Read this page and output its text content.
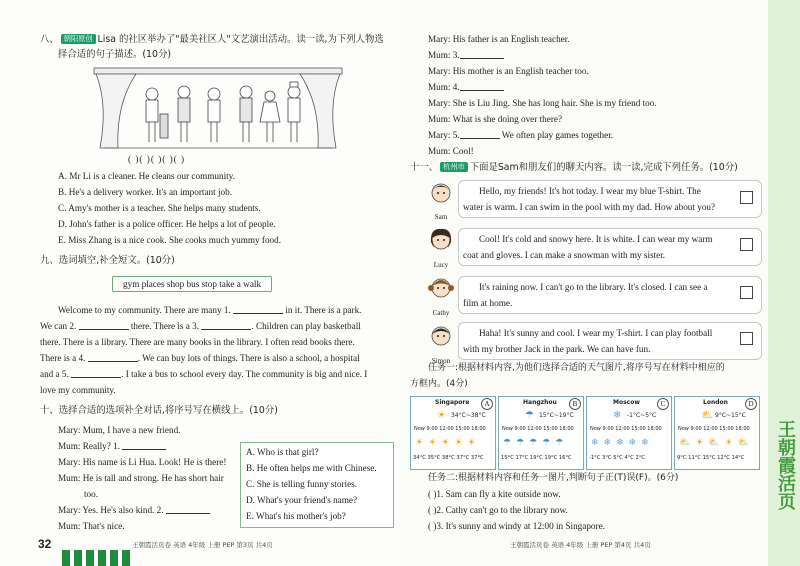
八、 朝阳原创 Lisa 的社区举办了"最美社区人"文艺演出活动。读一读,为下列人物选
择合适的句子描述。(10分)
( )( )( )( )( )
A. Mr Li is a cleaner. He cleans our community.
B. He's a delivery worker. It's an important job.
C. Amy's mother is a teacher. She helps many students.
D. John's father is a police officer. He helps a lot of people.
E. Miss Zhang is a nice cook. She cooks much yummy food.
九、选词填空,补全短文。(10分)
gym places shop bus stop take a walk
Welcome to my community. There are many 1.	in it. There is a park.
We can 2.	there. There is a 3.	. Children can play basketball
there. There is a library. There are many books in the library. I often read books there.
There is a 4.	. We can buy lots of things. There is also a school, a hospital
and a 5.	. I take a bus to school every day. The community is big and nice. I
love my community.
十、选择合适的选项补全对话,将序号写在横线上。(10分)
Mary: Mum, I have a new friend.
Mum: Really? 1.
Mary: His name is Li Hua. Look! He is there!
Mum: He is tall and strong. He has short hair
too.
Mary: Yes. He's also kind. 2.
Mum: That's nice.
A. Who is that girl?
B. He often helps me with Chinese.
C. She is telling funny stories.
D. What's your friend's name?
E. What's his mother's job?
32	王朝霞活页卷 英语 4年级 上册 PEP 第3页 共4页
Mary: His father is an English teacher.
Mum: 3.
Mary: His mother is an English teacher too.
Mum: 4.
Mary: She is Liu Jing. She has long hair. She is my friend too.
Mum: What is she doing over there?
Mary: 5.	We often play games together.
Mum: Cool!
十一、 杭州市 下面是Sam和朋友们的聊天内容。读一读,完成下列任务。(10分)
Sam
Hello, my friends! It's hot today. I wear my blue T-shirt. The
water is warm. I can swim in the pool with my dad. How about you?
Lucy
Cool! It's cold and snowy here. It is white. I can wear my warm
coat and gloves. I can make a snowman with my sister.
Cathy
It's raining now. I can't go to the library. It's closed. I can see a
film at home.
Simon
Haha! It's sunny and cool. I wear my T-shirt. I can play football
with my brother Jack in the park. We can have fun.
任务一:根据材料内容,为他们选择合适的天气图片,将序号写在材料中相应的
方框内。(4分)
Singapore	A
☀ 34°C~38°C
Now 9:00 12:00 15:00 18:00
☀☀☀☀☀
34°C 35°C 38°C 37°C 37°C
Hangzhou	B
☂ 15°C~19°C
Now 9:00 12:00 15:00 18:00
☂☂☂☂☂
15°C 17°C 19°C 19°C 16°C
Moscow	C
❄ -1°C~5°C
Now 9:00 12:00 15:00 18:00
❄❄❄❄❄
-1°C 3°C 5°C 4°C 2°C
London	D
⛅ 9°C~15°C
Now 9:00 12:00 15:00 18:00
⛅☀⛅☀⛅
9°C 11°C 15°C 12°C 14°C
任务二:根据材料内容和任务一图片,判断句子正(T)误(F)。(6分)
( )1. Sam can fly a kite outside now.
( )2. Cathy can't go to the library now.
( )3. It's sunny and windy at 12:00 in Singapore.
王朝霞活页卷 英语 4年级 上册 PEP 第4页 共4页
王朝霞活页
